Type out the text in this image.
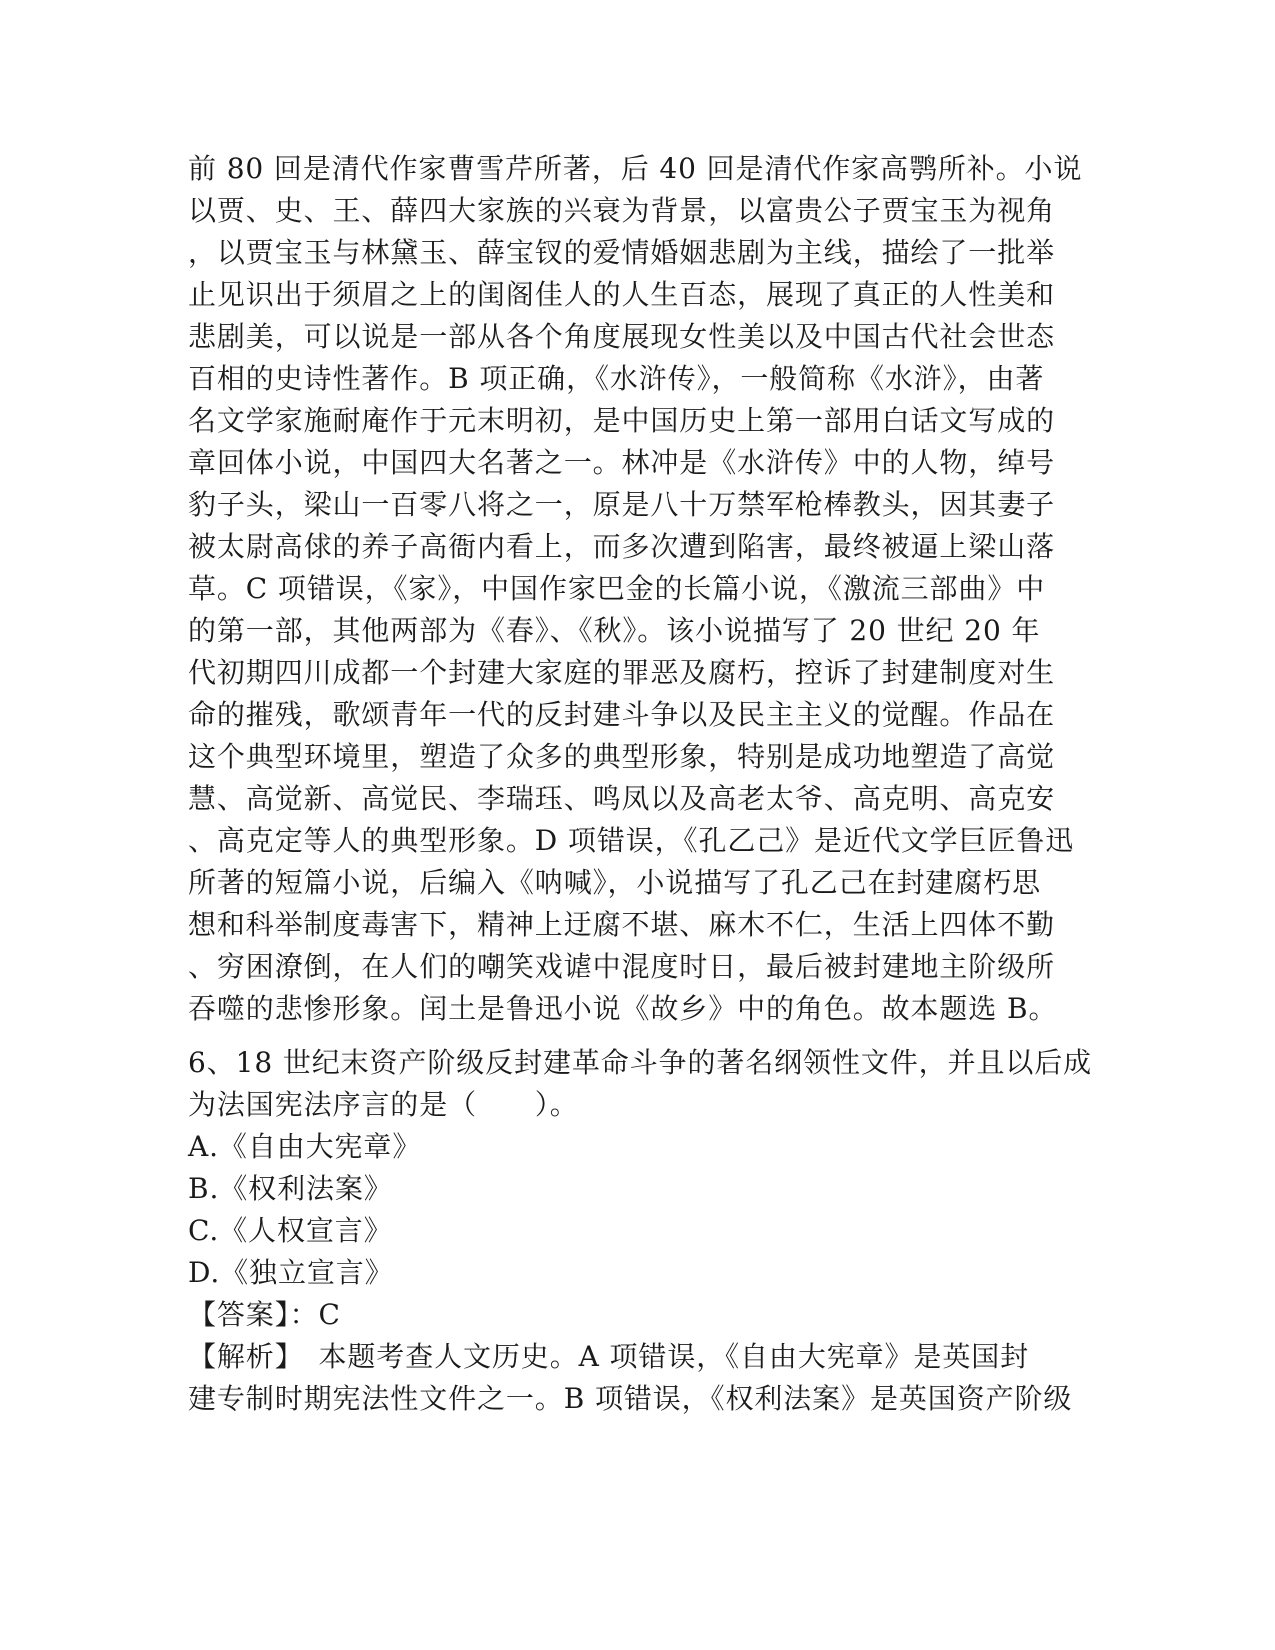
前 80 回是清代作家曹雪芹所著，后 40 回是清代作家高鹗所补。小说
以贾、史、王、薛四大家族的兴衰为背景，以富贵公子贾宝玉为视角
，以贾宝玉与林黛玉、薛宝钗的爱情婚姻悲剧为主线，描绘了一批举
止见识出于须眉之上的闺阁佳人的人生百态，展现了真正的人性美和
悲剧美，可以说是一部从各个角度展现女性美以及中国古代社会世态
百相的史诗性著作。B 项正确，《水浒传》，一般简称《水浒》，由著
名文学家施耐庵作于元末明初，是中国历史上第一部用白话文写成的
章回体小说，中国四大名著之一。林冲是《水浒传》中的人物，绰号
豹子头，梁山一百零八将之一，原是八十万禁军枪棒教头，因其妻子
被太尉高俅的养子高衙内看上，而多次遭到陷害，最终被逼上梁山落
草。C 项错误，《家》，中国作家巴金的长篇小说，《激流三部曲》中
的第一部，其他两部为《春》、《秋》。该小说描写了 20 世纪 20 年
代初期四川成都一个封建大家庭的罪恶及腐朽，控诉了封建制度对生
命的摧残，歌颂青年一代的反封建斗争以及民主主义的觉醒。作品在
这个典型环境里，塑造了众多的典型形象，特别是成功地塑造了高觉
慧、高觉新、高觉民、李瑞珏、鸣凤以及高老太爷、高克明、高克安
、高克定等人的典型形象。D 项错误，《孔乙己》是近代文学巨匠鲁迅
所著的短篇小说，后编入《呐喊》，小说描写了孔乙己在封建腐朽思
想和科举制度毒害下，精神上迂腐不堪、麻木不仁，生活上四体不勤
、穷困潦倒，在人们的嘲笑戏谑中混度时日，最后被封建地主阶级所
吞噬的悲惨形象。闰土是鲁迅小说《故乡》中的角色。故本题选 B。
6、18 世纪末资产阶级反封建革命斗争的著名纲领性文件，并且以后成
为法国宪法序言的是（　　）。
A.《自由大宪章》
B.《权利法案》
C.《人权宣言》
D.《独立宣言》
【答案】：C
【解析】　本题考查人文历史。A 项错误，《自由大宪章》是英国封
建专制时期宪法性文件之一。B 项错误，《权利法案》是英国资产阶级
